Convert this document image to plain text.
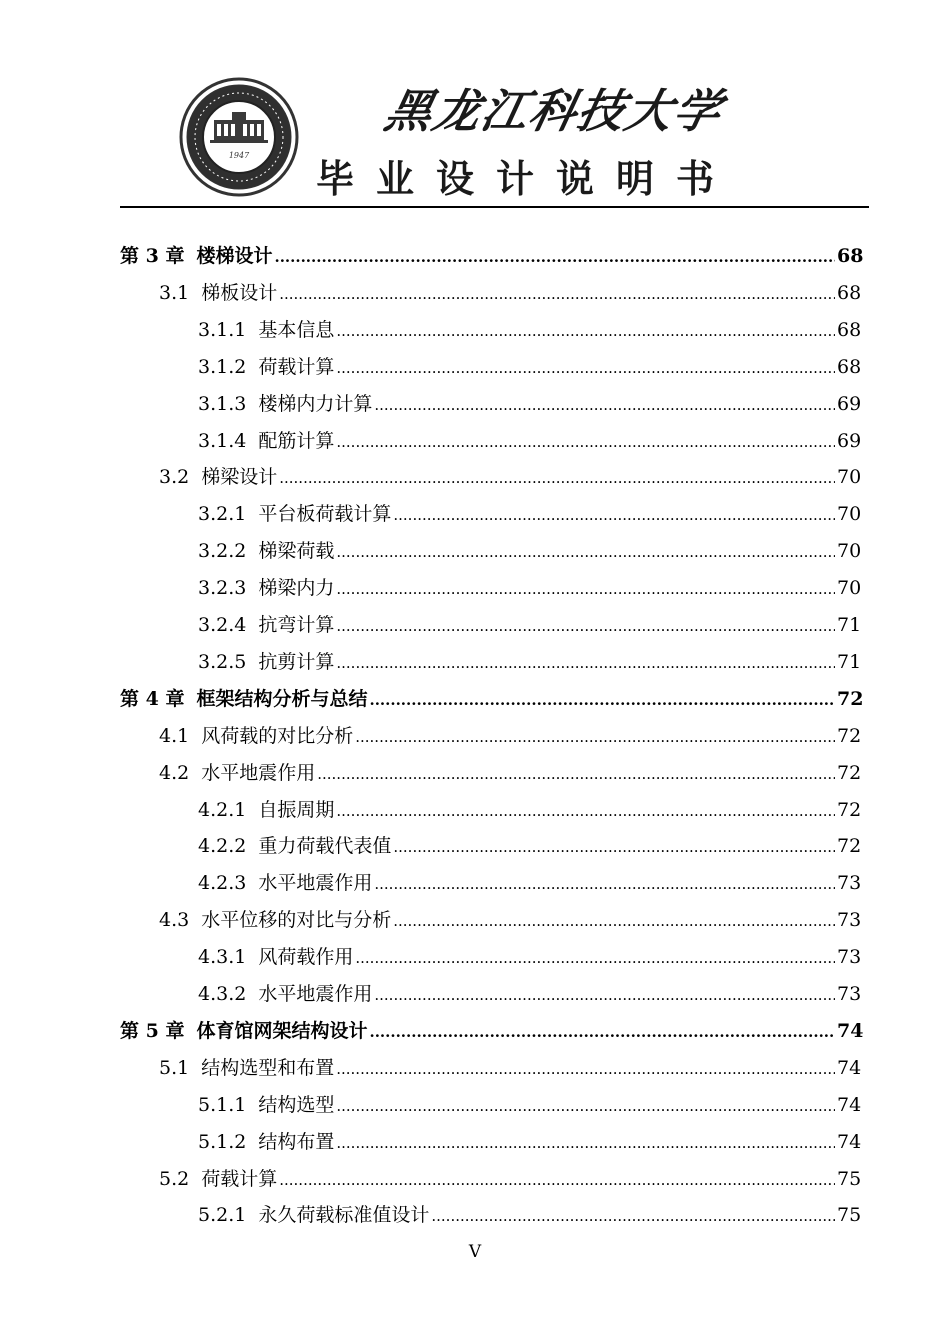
1947
黑龙江科技大学
毕业设计说明书
第 3 章 楼梯设计 .....	68
3.1 梯板设计 .....	68
3.1.1 基本信息 .....	68
3.1.2 荷载计算 .....	68
3.1.3 楼梯内力计算 .....	69
3.1.4 配筋计算 .....	69
3.2 梯梁设计 .....	70
3.2.1 平台板荷载计算 .....	70
3.2.2 梯梁荷载 .....	70
3.2.3 梯梁内力 .....	70
3.2.4 抗弯计算 .....	71
3.2.5 抗剪计算 .....	71
第 4 章 框架结构分析与总结 .....	72
4.1 风荷载的对比分析 .....	72
4.2 水平地震作用 .....	72
4.2.1 自振周期 .....	72
4.2.2 重力荷载代表值 .....	72
4.2.3 水平地震作用 .....	73
4.3 水平位移的对比与分析 .....	73
4.3.1 风荷载作用 .....	73
4.3.2 水平地震作用 .....	73
第 5 章 体育馆网架结构设计 .....	74
5.1 结构选型和布置 .....	74
5.1.1 结构选型 .....	74
5.1.2 结构布置 .....	74
5.2 荷载计算 .....	75
5.2.1 永久荷载标准值设计 .....	75
V
